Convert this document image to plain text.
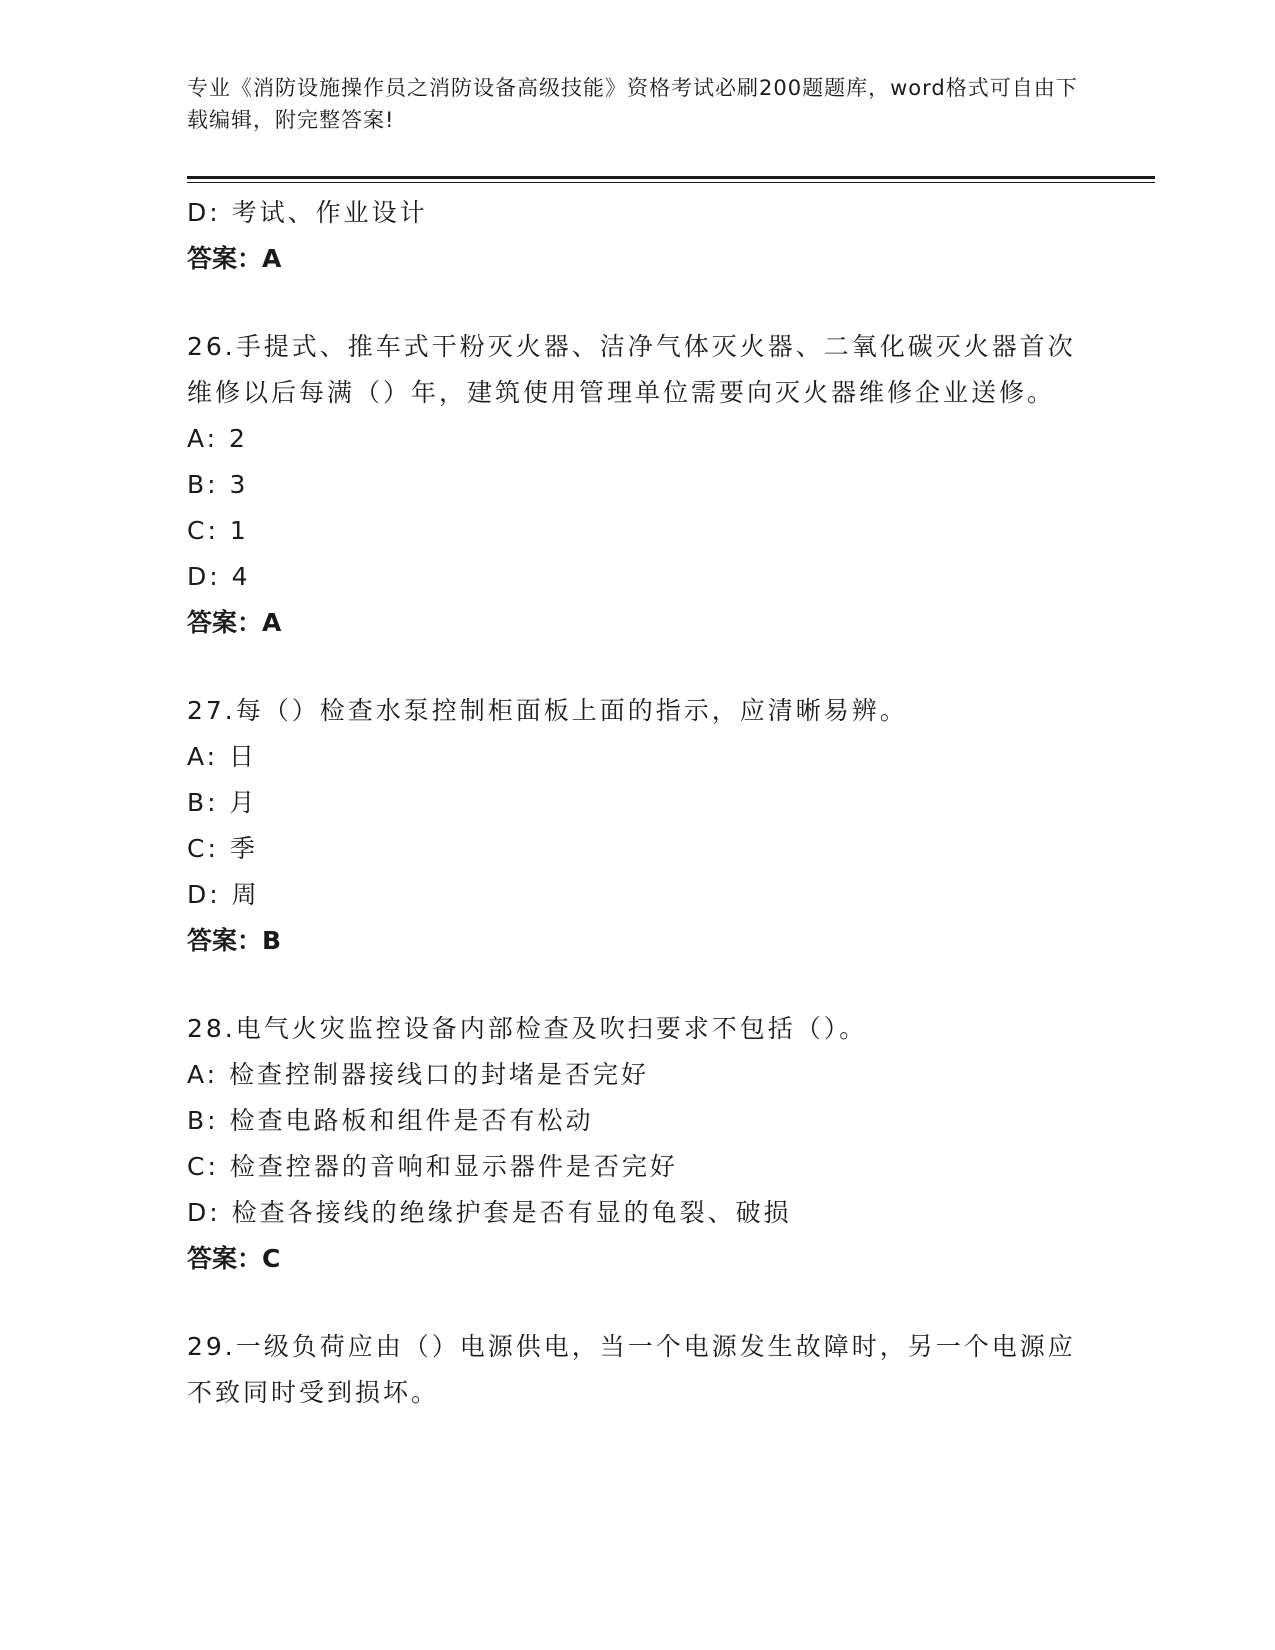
专业《消防设施操作员之消防设备高级技能》资格考试必刷200题题库，word格式可自由下载编辑，附完整答案!
D: 考试、作业设计
答案：A
26.手提式、推车式干粉灭火器、洁净气体灭火器、二氧化碳灭火器首次维修以后每满（）年，建筑使用管理单位需要向灭火器维修企业送修。
A: 2
B: 3
C: 1
D: 4
答案：A
27.每（）检查水泵控制柜面板上面的指示，应清晰易辨。
A: 日
B: 月
C: 季
D: 周
答案：B
28.电气火灾监控设备内部检查及吹扫要求不包括（）。
A: 检查控制器接线口的封堵是否完好
B: 检查电路板和组件是否有松动
C: 检查控器的音响和显示器件是否完好
D: 检查各接线的绝缘护套是否有显的龟裂、破损
答案：C
29.一级负荷应由（）电源供电，当一个电源发生故障时，另一个电源应不致同时受到损坏。
